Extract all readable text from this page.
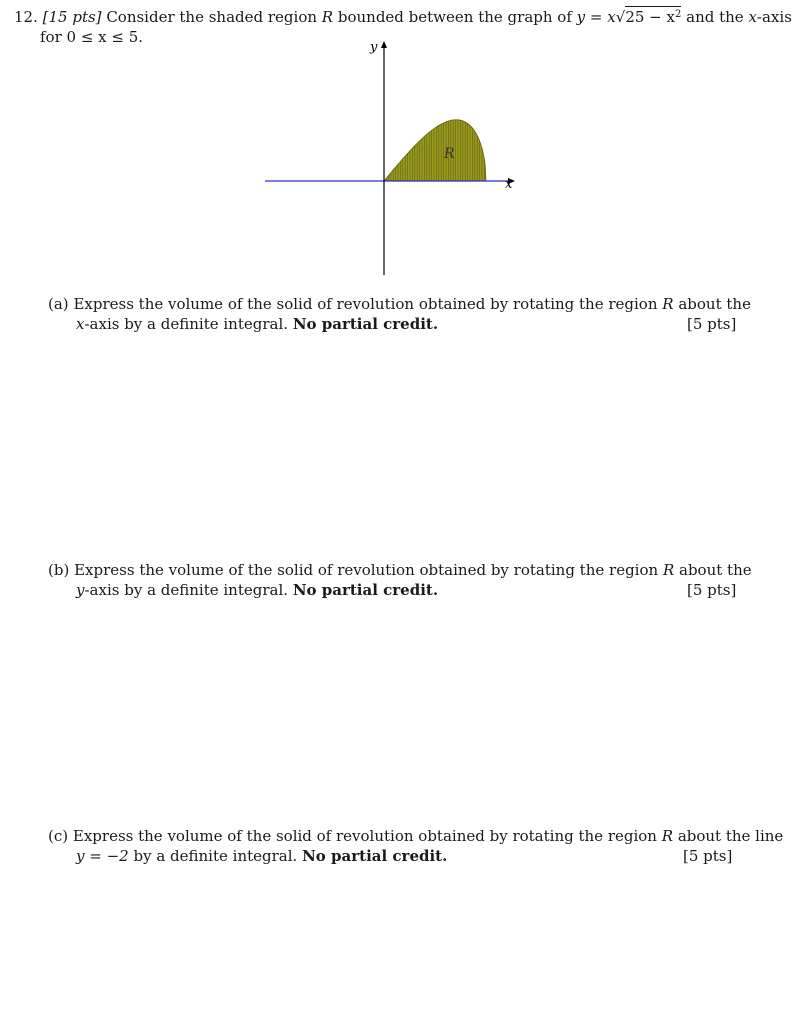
12. [15 pts] Consider the shaded region R bounded between the graph of $y = x√25 - x^2$ and the x-axis
for 0 ≤ x ≤ 5.
y
x
R
(a) Express the volume of the solid of revolution obtained by rotating the region R about the
x-axis by a definite integral. No partial credit.	[5 pts]
(b) Express the volume of the solid of revolution obtained by rotating the region R about the
y-axis by a definite integral. No partial credit.	[5 pts]
(c) Express the volume of the solid of revolution obtained by rotating the region R about the line
y = −2 by a definite integral. No partial credit.	[5 pts]
